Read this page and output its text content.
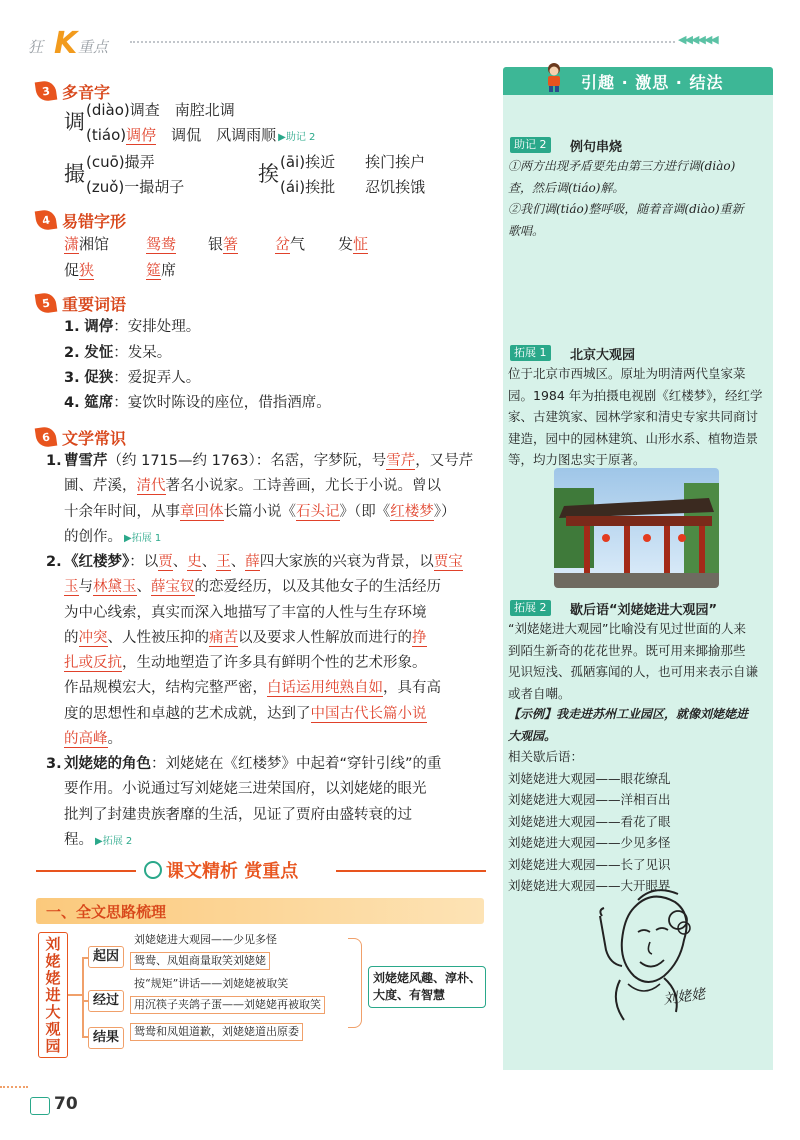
狂 K 重点	◀◀◀◀◀◀
3 多音字
调 (diào)调查　南腔北调
(tiáo)调停　调侃　风调雨顺 ▶助记 2
撮 (cuō)撮弄
(zuǒ)一撮胡子
挨 (āi)挨近　　挨门挨户
(ái)挨批　　忍饥挨饿
4 易错字形
潇湘馆 鸳鸯 银箸 岔气 发怔
促狭	筵席
5 重要词语
1. 调停：安排处理。
2. 发怔：发呆。
3. 促狭：爱捉弄人。
4. 筵席：宴饮时陈设的座位，借指酒席。
6 文学常识
1. 曹雪芹（约 1715—约 1763）：名霑，字梦阮，号雪芹，又号芹
圃、芹溪，清代著名小说家。工诗善画，尤长于小说。曾以
十余年时间，从事章回体长篇小说《石头记》（即《红楼梦》）
的创作。 ▶拓展 1
2. 《红楼梦》：以贾、史、王、薛四大家族的兴衰为背景，以贾宝
玉与林黛玉、薛宝钗的恋爱经历，以及其他女子的生活经历
为中心线索，真实而深入地描写了丰富的人性与生存环境
的冲突、人性被压抑的痛苦以及要求人性解放而进行的挣
扎或反抗，生动地塑造了许多具有鲜明个性的艺术形象。
作品规模宏大，结构完整严密，白话运用纯熟自如，具有高
度的思想性和卓越的艺术成就，达到了中国古代长篇小说
的高峰。
3. 刘姥姥的角色：刘姥姥在《红楼梦》中起着“穿针引线”的重
要作用。小说通过写刘姥姥三进荣国府，以刘姥姥的眼光
批判了封建贵族奢靡的生活，见证了贾府由盛转衰的过
程。 ▶拓展 2
课文精析 赏重点
一、全文思路梳理
刘姥姥进大观园
起因
经过
结果
刘姥姥进大观园——少见多怪
鸳鸯、凤姐商量取笑刘姥姥
按“规矩”讲话——刘姥姥被取笑
用沉筷子夹鸽子蛋——刘姥姥再被取笑
鸳鸯和凤姐道歉，刘姥姥道出原委
刘姥姥风趣、淳朴、大度、有智慧
70
引趣 · 激思 · 结法
助记 2	例句串烧
①两方出现矛盾要先由第三方进行调(diào)
查，然后调(tiáo)解。
②我们调(tiáo)整呼吸，随着音调(diào)重新
歌唱。
拓展 1	北京大观园
位于北京市西城区。原址为明清两代皇家菜
园。1984 年为拍摄电视剧《红楼梦》，经红学
家、古建筑家、园林学家和清史专家共同商讨
建造，园中的园林建筑、山形水系、植物造景
等，均力图忠实于原著。
拓展 2	歇后语“刘姥姥进大观园”
“刘姥姥进大观园”比喻没有见过世面的人来
到陌生新奇的花花世界。既可用来揶揄那些
见识短浅、孤陋寡闻的人，也可用来表示自谦
或者自嘲。
【示例】我走进苏州工业园区，就像刘姥姥进
大观园。
相关歇后语：
刘姥姥进大观园——眼花缭乱
刘姥姥进大观园——洋相百出
刘姥姥进大观园——看花了眼
刘姥姥进大观园——少见多怪
刘姥姥进大观园——长了见识
刘姥姥进大观园——大开眼界
刘姥姥
